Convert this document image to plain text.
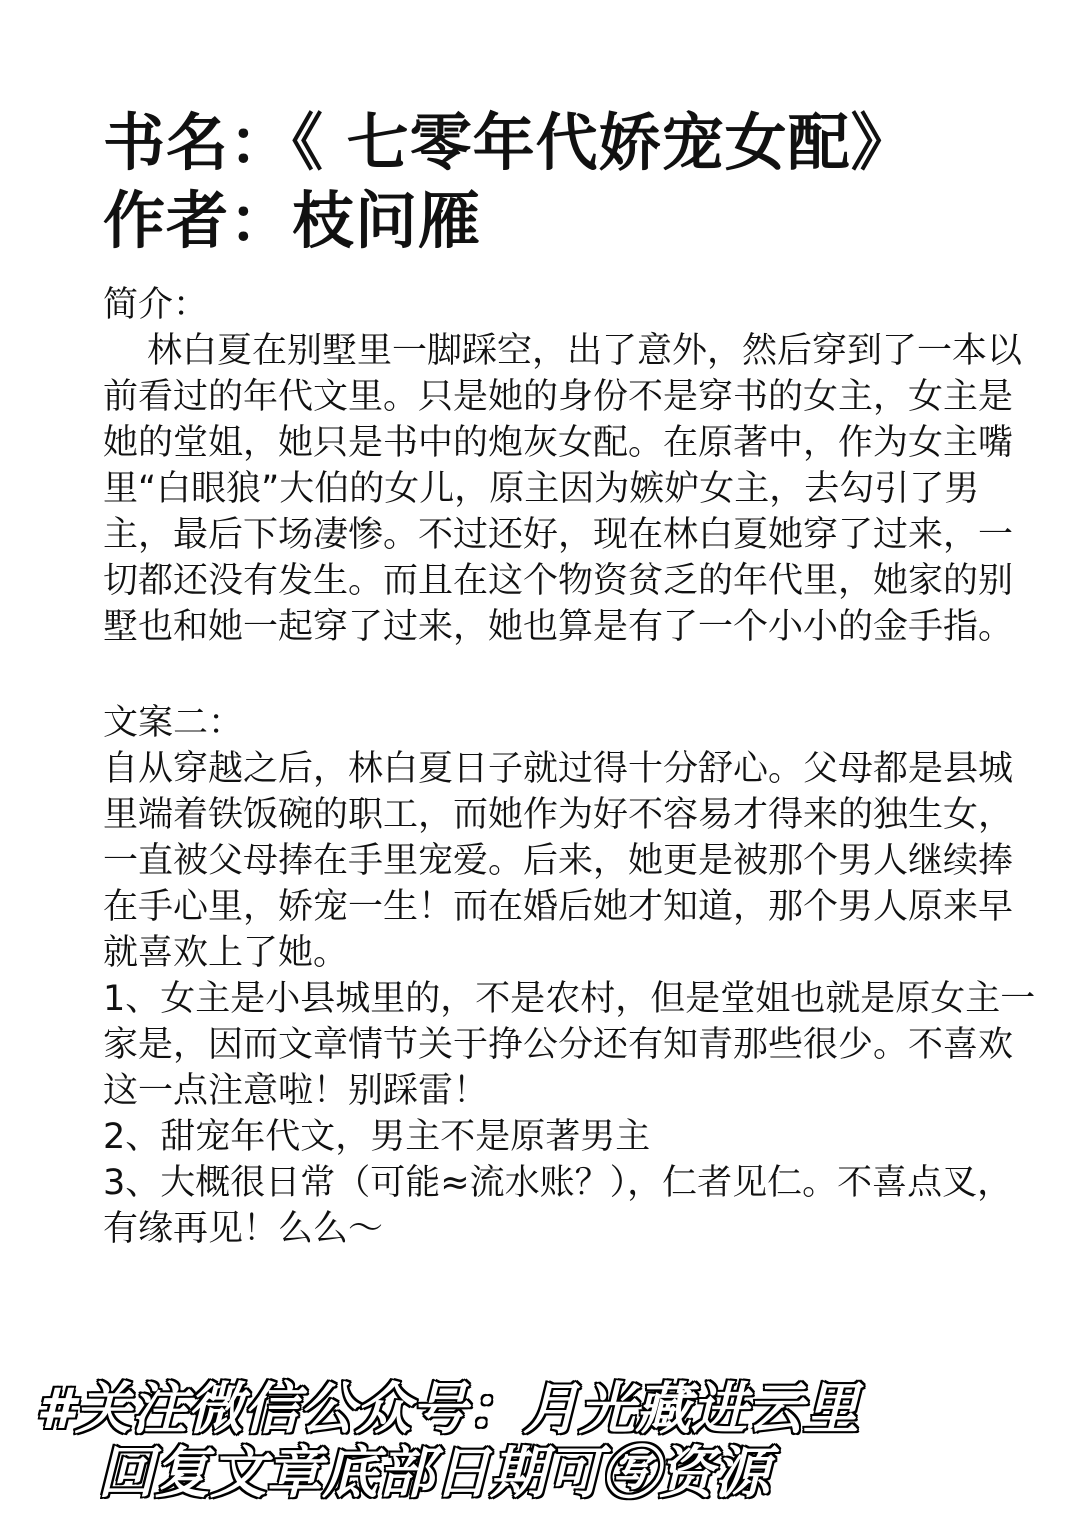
书名：《 七零年代娇宠女配》
作者：枝问雁
简介：
林白夏在别墅里一脚踩空，出了意外，然后穿到了一本以
前看过的年代文里。只是她的身份不是穿书的女主，女主是
她的堂姐，她只是书中的炮灰女配。在原著中，作为女主嘴
里“白眼狼”大伯的女儿，原主因为嫉妒女主，去勾引了男
主，最后下场凄惨。不过还好，现在林白夏她穿了过来，一
切都还没有发生。而且在这个物资贫乏的年代里，她家的别
墅也和她一起穿了过来，她也算是有了一个小小的金手指。
文案二：
自从穿越之后，林白夏日子就过得十分舒心。父母都是县城
里端着铁饭碗的职工，而她作为好不容易才得来的独生女，
一直被父母捧在手里宠爱。后来，她更是被那个男人继续捧
在手心里，娇宠一生！而在婚后她才知道，那个男人原来早
就喜欢上了她。
1、女主是小县城里的，不是农村，但是堂姐也就是原女主一
家是，因而文章情节关于挣公分还有知青那些很少。不喜欢
这一点注意啦！别踩雷！
2、甜宠年代文，男主不是原著男主
3、大概很日常（可能≈流水账？），仁者见仁。不喜点叉，
有缘再见！么么～
#关注微信公众号：月光藏进云里
回复文章底部日期可㊢资源
